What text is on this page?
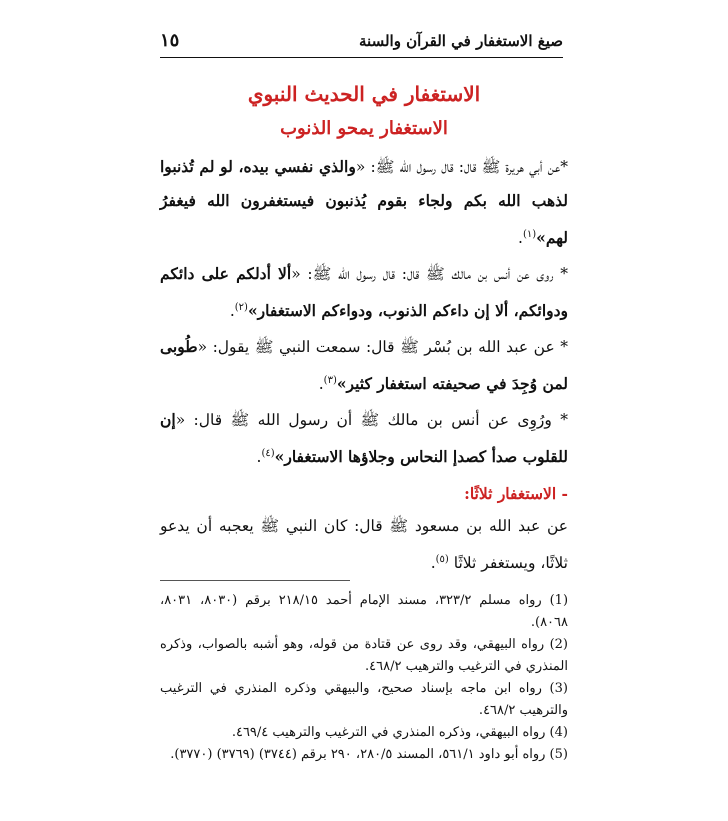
صيغ الاستغفار في القرآن والسنة
١٥
الاستغفار في الحديث النبوي
الاستغفار يمحو الذنوب

*عن أبي هريرة ﷺ قال: قال رسول الله ﷺ: «والذي نفسي بيده، لو لم تُذنبوا لذهب الله بكم ولجاء بقوم يُذنبون فيستغفرون الله فيغفرُ لهم»$^{(١)}$.

* روى عن أنس بن مالك ﷺ قال: قال رسول الله ﷺ: «ألا أدلكم على دائكم ودوائكم، ألا إن داءكم الذنوب، ودواءكم الاستغفار»$^{(٢)}$.

* عن عبد الله بن بُسْر ﷺ قال: سمعت النبي ﷺ يقول: «طُوبى لمن وُجِدَ في صحيفته استغفار كثير»$^{(٣)}$.

* ورُوِى عن أنس بن مالك ﷺ أن رسول الله ﷺ قال: «إن للقلوب صدأ كصدإ النحاس وجلاؤها الاستغفار»$^{(٤)}$.

- الاستغفار ثلاثًا:

عن عبد الله بن مسعود ﷺ قال: كان النبي ﷺ يعجبه أن يدعو ثلاثًا، ويستغفر ثلاثًا $^{(٥)}$.

(1) رواه مسلم ٣٢٣/٢، مسند الإمام أحمد ٢١٨/١٥ برقم (٨٠٣٠، ٨٠٣١، ٨٠٦٨).

(2) رواه البيهقي، وقد روى عن قتادة من قوله، وهو أشبه بالصواب، وذكره المنذري في الترغيب والترهيب ٤٦٨/٢.

(3) رواه ابن ماجه بإسناد صحيح، والبيهقي وذكره المنذري في الترغيب والترهيب ٤٦٨/٢.

(4) رواه البيهقي، وذكره المنذري في الترغيب والترهيب ٤٦٩/٤.

(5) رواه أبو داود ٥٦١/١، المسند ٢٨٠/٥، ٢٩٠ برقم (٣٧٤٤) (٣٧٦٩) (٣٧٧٠).
